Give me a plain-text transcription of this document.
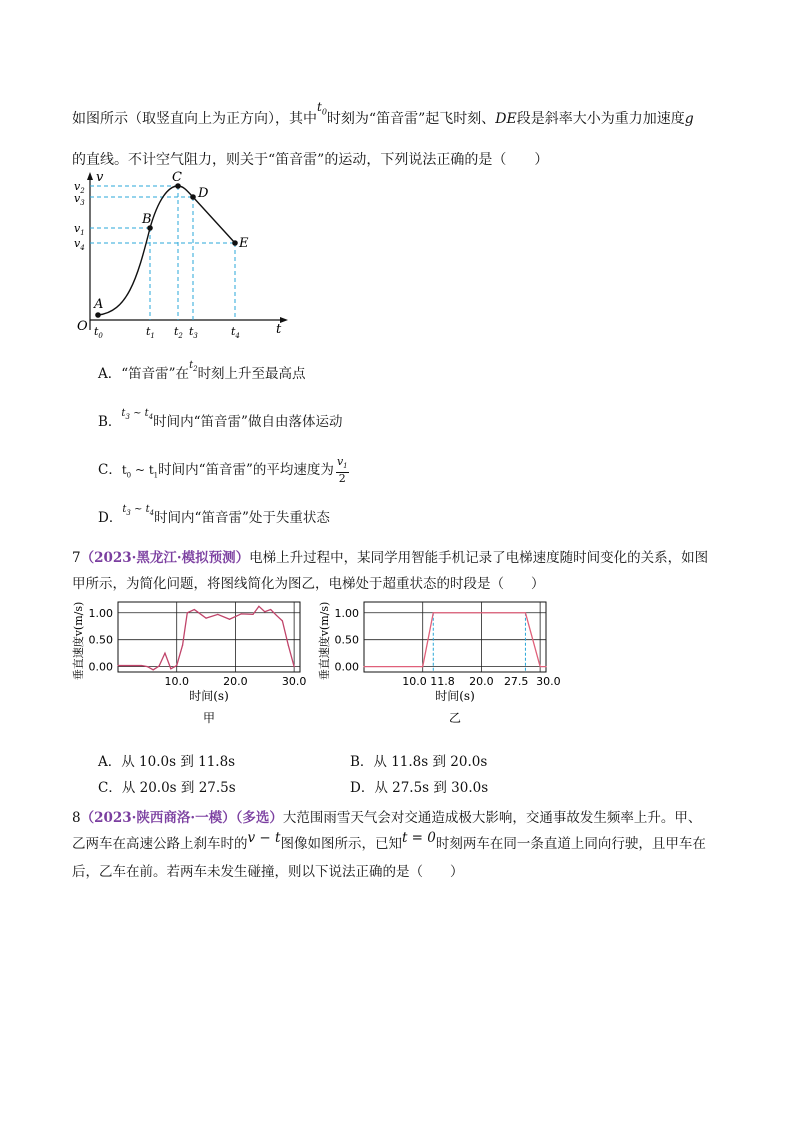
如图所示（取竖直向上为正方向），其中$t_0$时刻为“笛音雷”起飞时刻、DE段是斜率大小为重力加速度g
的直线。不计空气阻力，则关于“笛音雷”的运动，下列说法正确的是（　　）
A
B
C
D
E
v
t
O
$v_2$
$v_3$
$v_1$
$v_4$
$t_0$	$t_1$ $t_2$ $t_3$	$t_4$
A．“笛音雷”在$^{t_2}$时刻上升至最高点
B．$^{t_3 \sim t_4}$时间内“笛音雷”做自由落体运动
C．$t_0$ ~ $t_1$时间内“笛音雷”的平均速度为 $\frac{v_1}{2}$
D．$^{t_3 \sim t_4}$时间内“笛音雷”处于失重状态
7（2023·黑龙江·模拟预测）电梯上升过程中，某同学用智能手机记录了电梯速度随时间变化的关系，如图
甲所示，为简化问题，将图线简化为图乙，电梯处于超重状态的时段是（　　）
0.00
0.50
1.00
10.0	20.0	30.0
时间(s)
垂直速度v(m/s)
甲
0.00
0.50
1.00
10.0 11.8 20.0 27.5 30.0
时间(s)
垂直速度v(m/s)
乙
A．从 10.0s 到 11.8s	B．从 11.8s 到 20.0s
C．从 20.0s 到 27.5s	D．从 27.5s 到 30.0s
8（2023·陕西商洛·一模）（多选）大范围雨雪天气会对交通造成极大影响，交通事故发生频率上升。甲、
乙两车在高速公路上刹车时的v − t图像如图所示，已知t = 0时刻两车在同一条直道上同向行驶，且甲车在
后，乙车在前。若两车未发生碰撞，则以下说法正确的是（　　）
